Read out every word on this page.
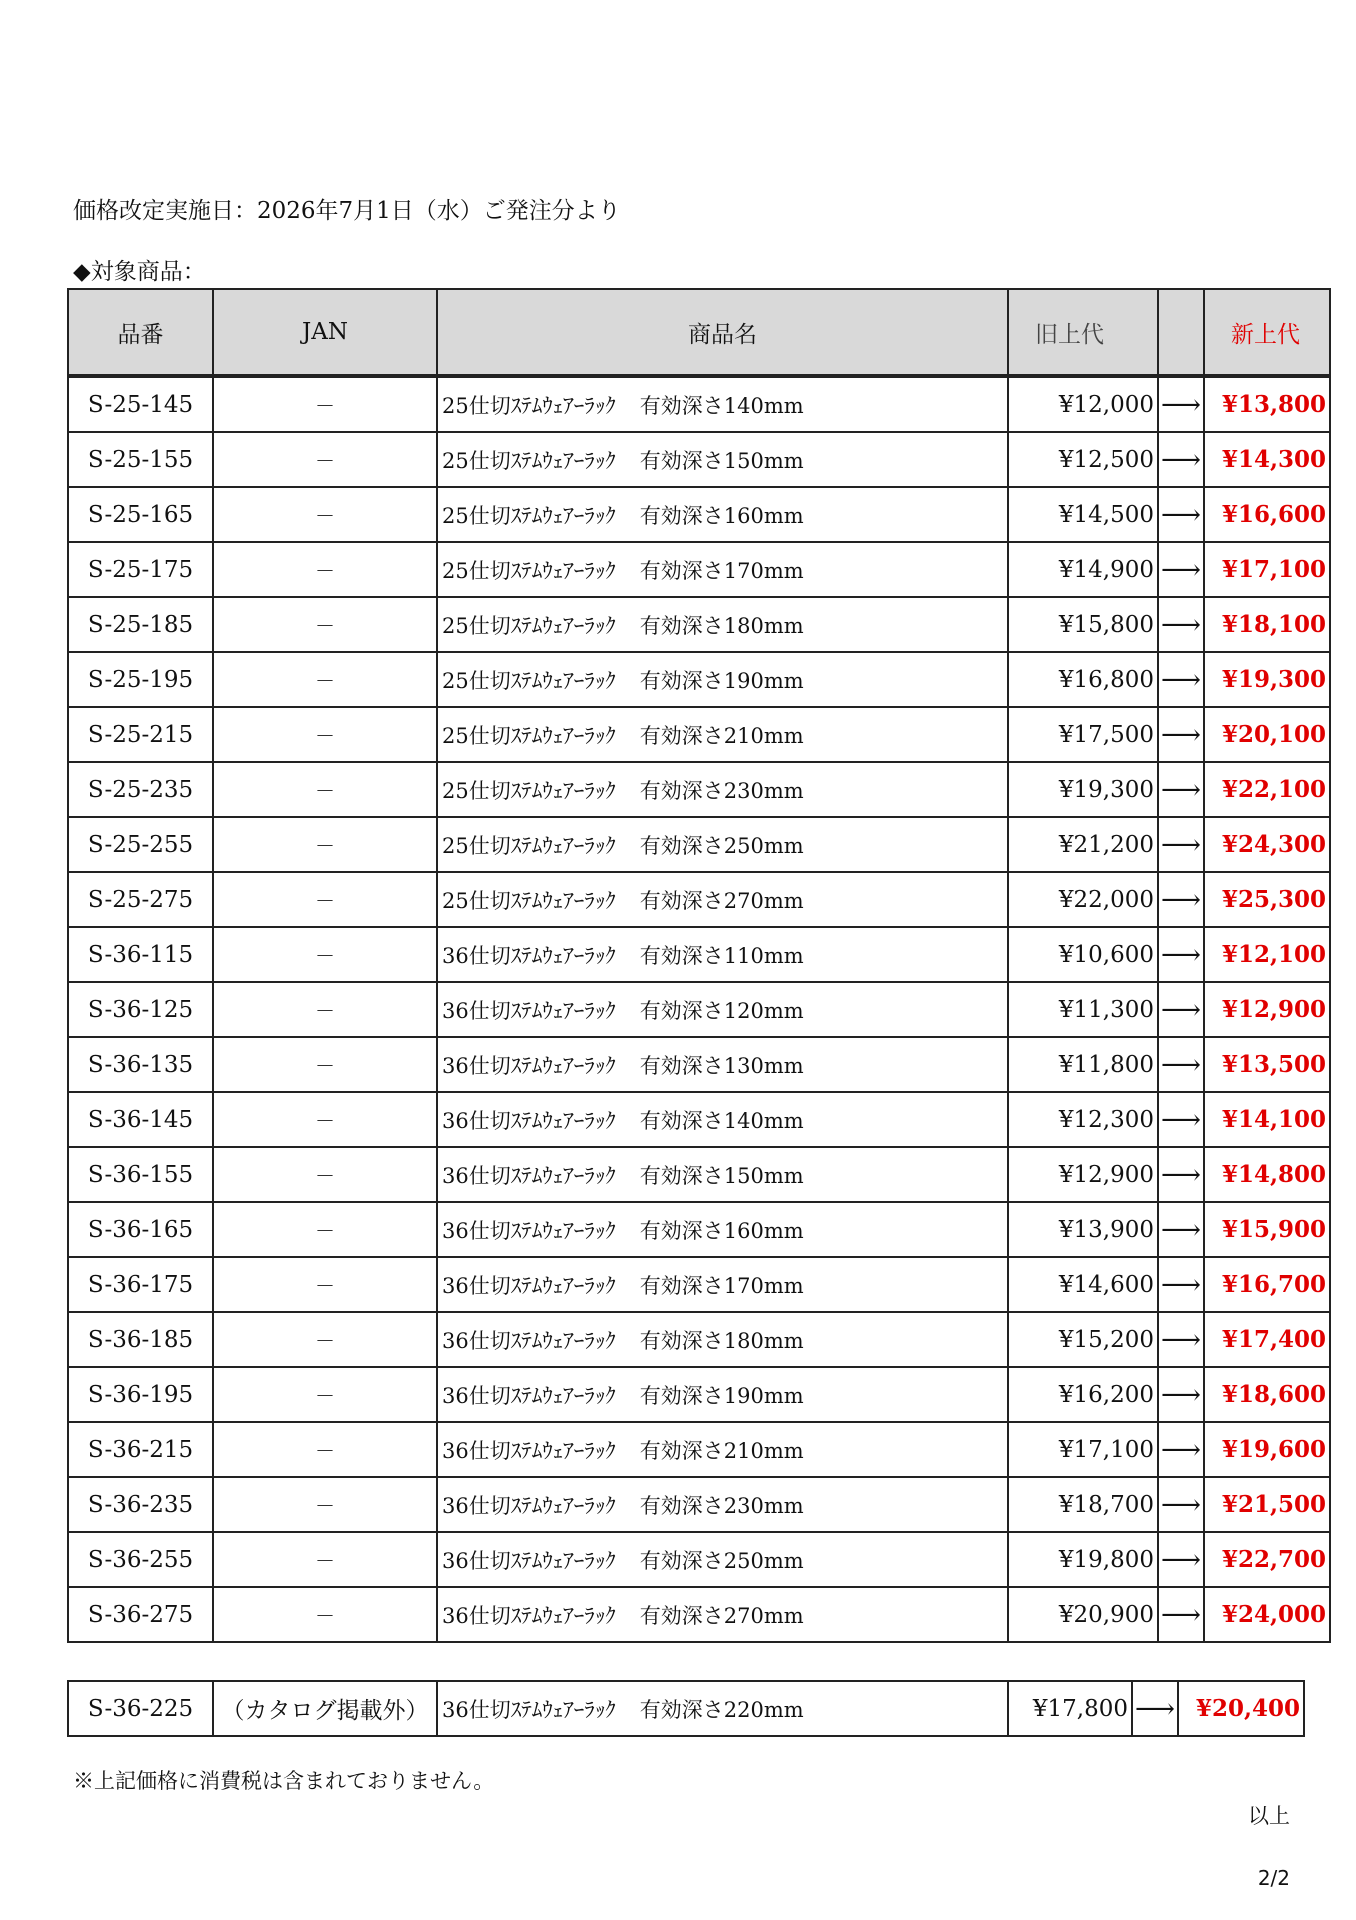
価格改定実施日：2026年7月1日（水）ご発注分より
◆対象商品：
品番	JAN	商品名	旧上代		新上代
S-25-145	－	25仕切ｽﾃﾑｳｪｱｰﾗｯｸ 有効深さ140mm	¥12,000	⟶	¥13,800
S-25-155	－	25仕切ｽﾃﾑｳｪｱｰﾗｯｸ 有効深さ150mm	¥12,500	⟶	¥14,300
S-25-165	－	25仕切ｽﾃﾑｳｪｱｰﾗｯｸ 有効深さ160mm	¥14,500	⟶	¥16,600
S-25-175	－	25仕切ｽﾃﾑｳｪｱｰﾗｯｸ 有効深さ170mm	¥14,900	⟶	¥17,100
S-25-185	－	25仕切ｽﾃﾑｳｪｱｰﾗｯｸ 有効深さ180mm	¥15,800	⟶	¥18,100
S-25-195	－	25仕切ｽﾃﾑｳｪｱｰﾗｯｸ 有効深さ190mm	¥16,800	⟶	¥19,300
S-25-215	－	25仕切ｽﾃﾑｳｪｱｰﾗｯｸ 有効深さ210mm	¥17,500	⟶	¥20,100
S-25-235	－	25仕切ｽﾃﾑｳｪｱｰﾗｯｸ 有効深さ230mm	¥19,300	⟶	¥22,100
S-25-255	－	25仕切ｽﾃﾑｳｪｱｰﾗｯｸ 有効深さ250mm	¥21,200	⟶	¥24,300
S-25-275	－	25仕切ｽﾃﾑｳｪｱｰﾗｯｸ 有効深さ270mm	¥22,000	⟶	¥25,300
S-36-115	－	36仕切ｽﾃﾑｳｪｱｰﾗｯｸ 有効深さ110mm	¥10,600	⟶	¥12,100
S-36-125	－	36仕切ｽﾃﾑｳｪｱｰﾗｯｸ 有効深さ120mm	¥11,300	⟶	¥12,900
S-36-135	－	36仕切ｽﾃﾑｳｪｱｰﾗｯｸ 有効深さ130mm	¥11,800	⟶	¥13,500
S-36-145	－	36仕切ｽﾃﾑｳｪｱｰﾗｯｸ 有効深さ140mm	¥12,300	⟶	¥14,100
S-36-155	－	36仕切ｽﾃﾑｳｪｱｰﾗｯｸ 有効深さ150mm	¥12,900	⟶	¥14,800
S-36-165	－	36仕切ｽﾃﾑｳｪｱｰﾗｯｸ 有効深さ160mm	¥13,900	⟶	¥15,900
S-36-175	－	36仕切ｽﾃﾑｳｪｱｰﾗｯｸ 有効深さ170mm	¥14,600	⟶	¥16,700
S-36-185	－	36仕切ｽﾃﾑｳｪｱｰﾗｯｸ 有効深さ180mm	¥15,200	⟶	¥17,400
S-36-195	－	36仕切ｽﾃﾑｳｪｱｰﾗｯｸ 有効深さ190mm	¥16,200	⟶	¥18,600
S-36-215	－	36仕切ｽﾃﾑｳｪｱｰﾗｯｸ 有効深さ210mm	¥17,100	⟶	¥19,600
S-36-235	－	36仕切ｽﾃﾑｳｪｱｰﾗｯｸ 有効深さ230mm	¥18,700	⟶	¥21,500
S-36-255	－	36仕切ｽﾃﾑｳｪｱｰﾗｯｸ 有効深さ250mm	¥19,800	⟶	¥22,700
S-36-275	－	36仕切ｽﾃﾑｳｪｱｰﾗｯｸ 有効深さ270mm	¥20,900	⟶	¥24,000
S-36-225	（カタログ掲載外）	36仕切ｽﾃﾑｳｪｱｰﾗｯｸ 有効深さ220mm	¥17,800	⟶	¥20,400
※上記価格に消費税は含まれておりません。
以上
2/2
